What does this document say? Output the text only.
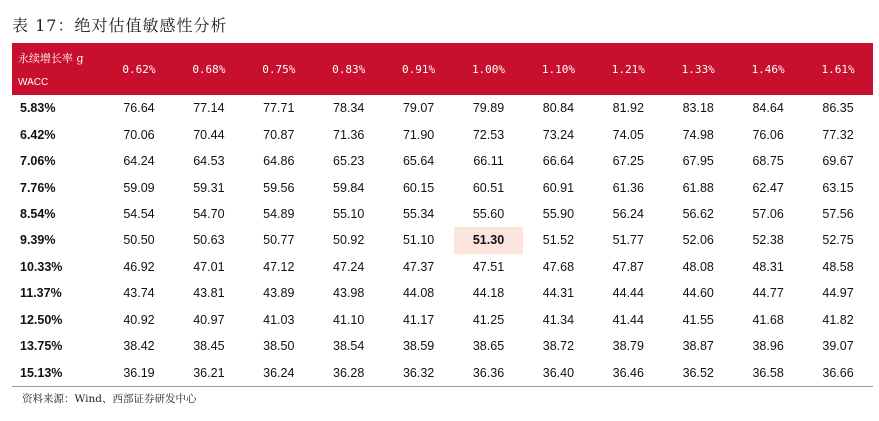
表 17：绝对估值敏感性分析
永续增长率 g
WACC	0.62%	0.68%	0.75%	0.83%	0.91%	1.00%	1.10%	1.21%	1.33%	1.46%	1.61%
5.83%	76.64	77.14	77.71	78.34	79.07	79.89	80.84	81.92	83.18	84.64	86.35
6.42%	70.06	70.44	70.87	71.36	71.90	72.53	73.24	74.05	74.98	76.06	77.32
7.06%	64.24	64.53	64.86	65.23	65.64	66.11	66.64	67.25	67.95	68.75	69.67
7.76%	59.09	59.31	59.56	59.84	60.15	60.51	60.91	61.36	61.88	62.47	63.15
8.54%	54.54	54.70	54.89	55.10	55.34	55.60	55.90	56.24	56.62	57.06	57.56
9.39%	50.50	50.63	50.77	50.92	51.10	51.30	51.52	51.77	52.06	52.38	52.75
10.33%	46.92	47.01	47.12	47.24	47.37	47.51	47.68	47.87	48.08	48.31	48.58
11.37%	43.74	43.81	43.89	43.98	44.08	44.18	44.31	44.44	44.60	44.77	44.97
12.50%	40.92	40.97	41.03	41.10	41.17	41.25	41.34	41.44	41.55	41.68	41.82
13.75%	38.42	38.45	38.50	38.54	38.59	38.65	38.72	38.79	38.87	38.96	39.07
15.13%	36.19	36.21	36.24	36.28	36.32	36.36	36.40	36.46	36.52	36.58	36.66
资料来源：Wind、西部证券研发中心
